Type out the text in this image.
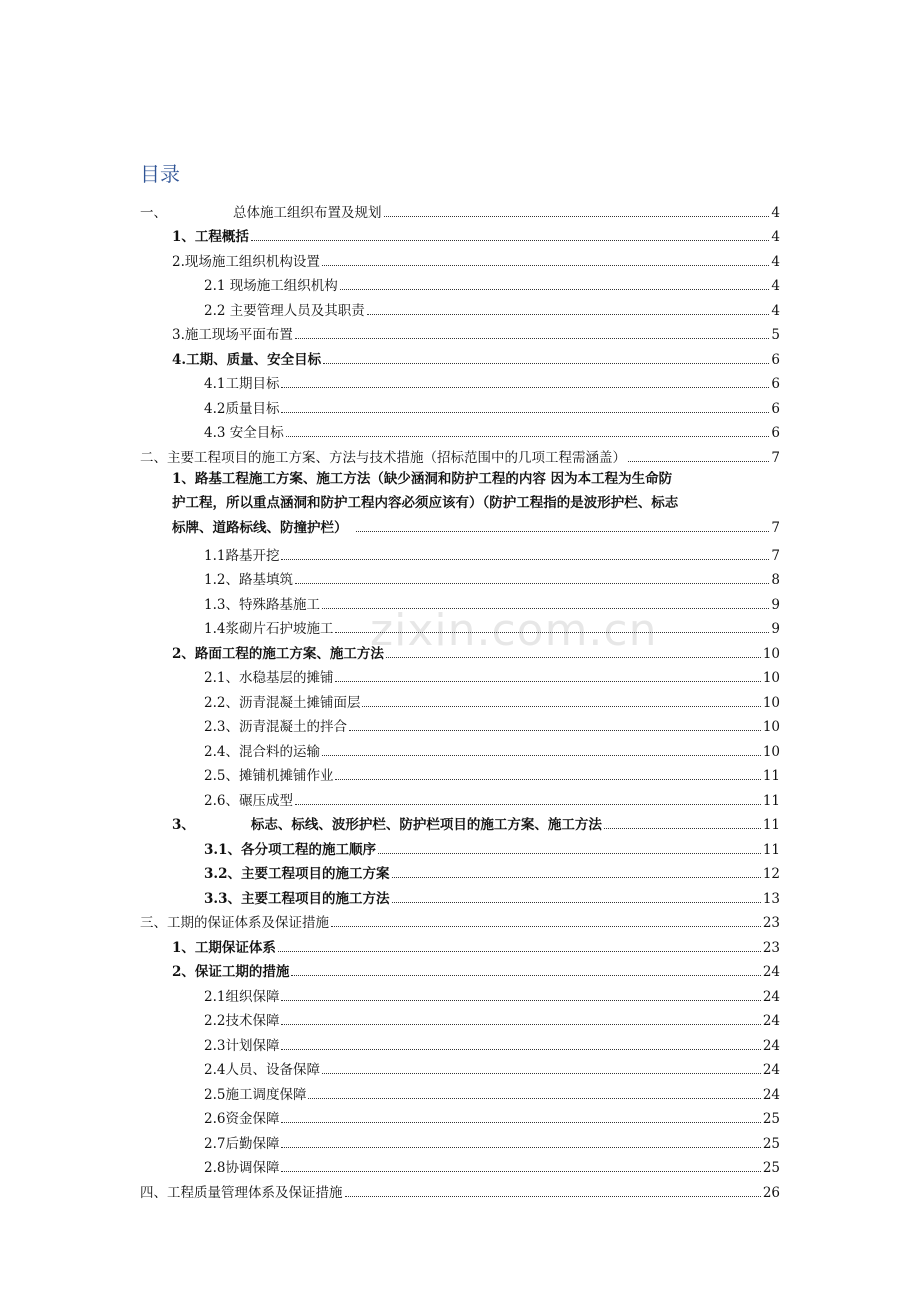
目录
zixin.com.cn
一、	总体施工组织布置及规划	4
1、工程概括	4
2.现场施工组织机构设置	4
2.1 现场施工组织机构	4
2.2 主要管理人员及其职责	4
3.施工现场平面布置	5
4.工期、质量、安全目标	6
4.1工期目标	6
4.2质量目标	6
4.3 安全目标	6
二、主要工程项目的施工方案、方法与技术措施（招标范围中的几项工程需涵盖）	7
1、路基工程施工方案、施工方法（缺少涵洞和防护工程的内容 因为本工程为生命防
护工程，所以重点涵洞和防护工程内容必须应该有）（防护工程指的是波形护栏、标志
标牌、道路标线、防撞护栏）	7
1.1路基开挖	7
1.2、路基填筑	8
1.3、特殊路基施工	9
1.4浆砌片石护坡施工	9
2、路面工程的施工方案、施工方法	10
2.1、水稳基层的摊铺	10
2.2、沥青混凝土摊铺面层	10
2.3、沥青混凝土的拌合	10
2.4、混合料的运输	10
2.5、摊铺机摊铺作业	11
2.6、碾压成型	11
3、	标志、标线、波形护栏、防护栏项目的施工方案、施工方法	11
3.1、各分项工程的施工顺序	11
3.2、主要工程项目的施工方案	12
3.3、主要工程项目的施工方法	13
三、工期的保证体系及保证措施	23
1、工期保证体系	23
2、保证工期的措施	24
2.1组织保障	24
2.2技术保障	24
2.3计划保障	24
2.4人员、设备保障	24
2.5施工调度保障	24
2.6资金保障	25
2.7后勤保障	25
2.8协调保障	25
四、工程质量管理体系及保证措施	26
